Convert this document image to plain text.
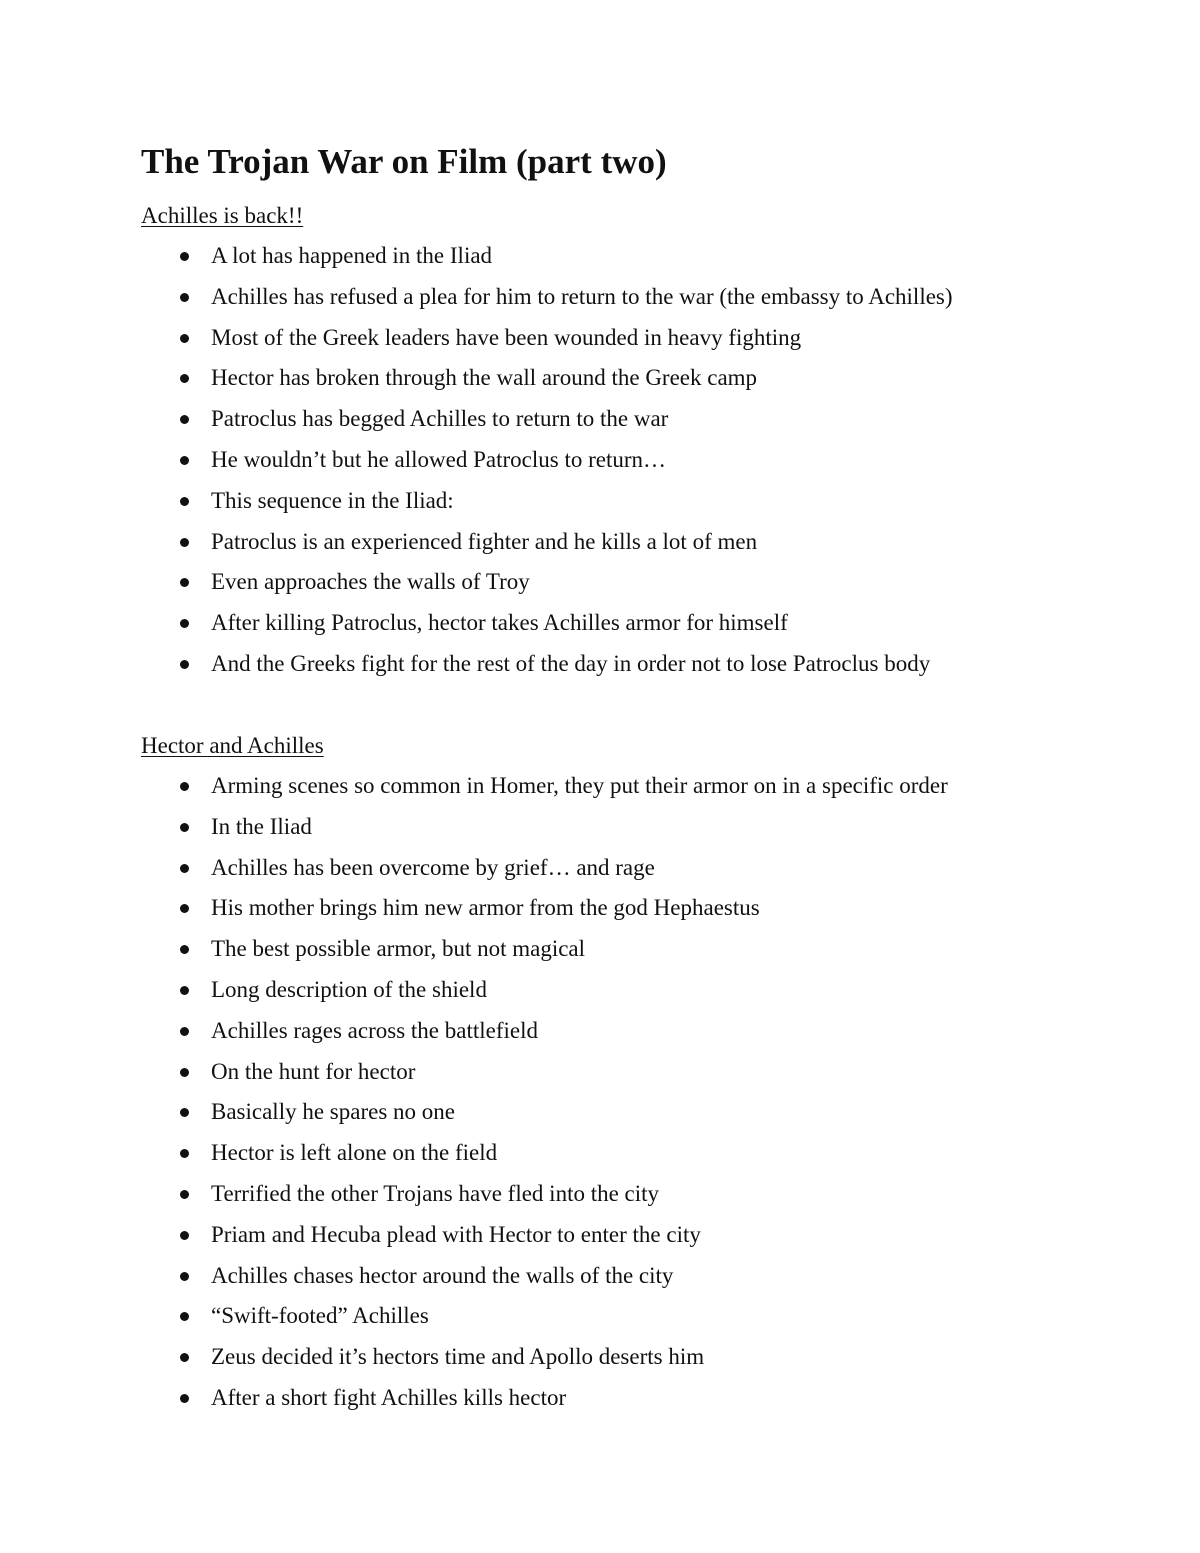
The Trojan War on Film (part two)
Achilles is back!!
A lot has happened in the Iliad
Achilles has refused a plea for him to return to the war (the embassy to Achilles)
Most of the Greek leaders have been wounded in heavy fighting
Hector has broken through the wall around the Greek camp
Patroclus has begged Achilles to return to the war
He wouldn’t but he allowed Patroclus to return…
This sequence in the Iliad:
Patroclus is an experienced fighter and he kills a lot of men
Even approaches the walls of Troy
After killing Patroclus, hector takes Achilles armor for himself
And the Greeks fight for the rest of the day in order not to lose Patroclus body
Hector and Achilles
Arming scenes so common in Homer, they put their armor on in a specific order
In the Iliad
Achilles has been overcome by grief… and rage
His mother brings him new armor from the god Hephaestus
The best possible armor, but not magical
Long description of the shield
Achilles rages across the battlefield
On the hunt for hector
Basically he spares no one
Hector is left alone on the field
Terrified the other Trojans have fled into the city
Priam and Hecuba plead with Hector to enter the city
Achilles chases hector around the walls of the city
“Swift-footed” Achilles
Zeus decided it’s hectors time and Apollo deserts him
After a short fight Achilles kills hector
